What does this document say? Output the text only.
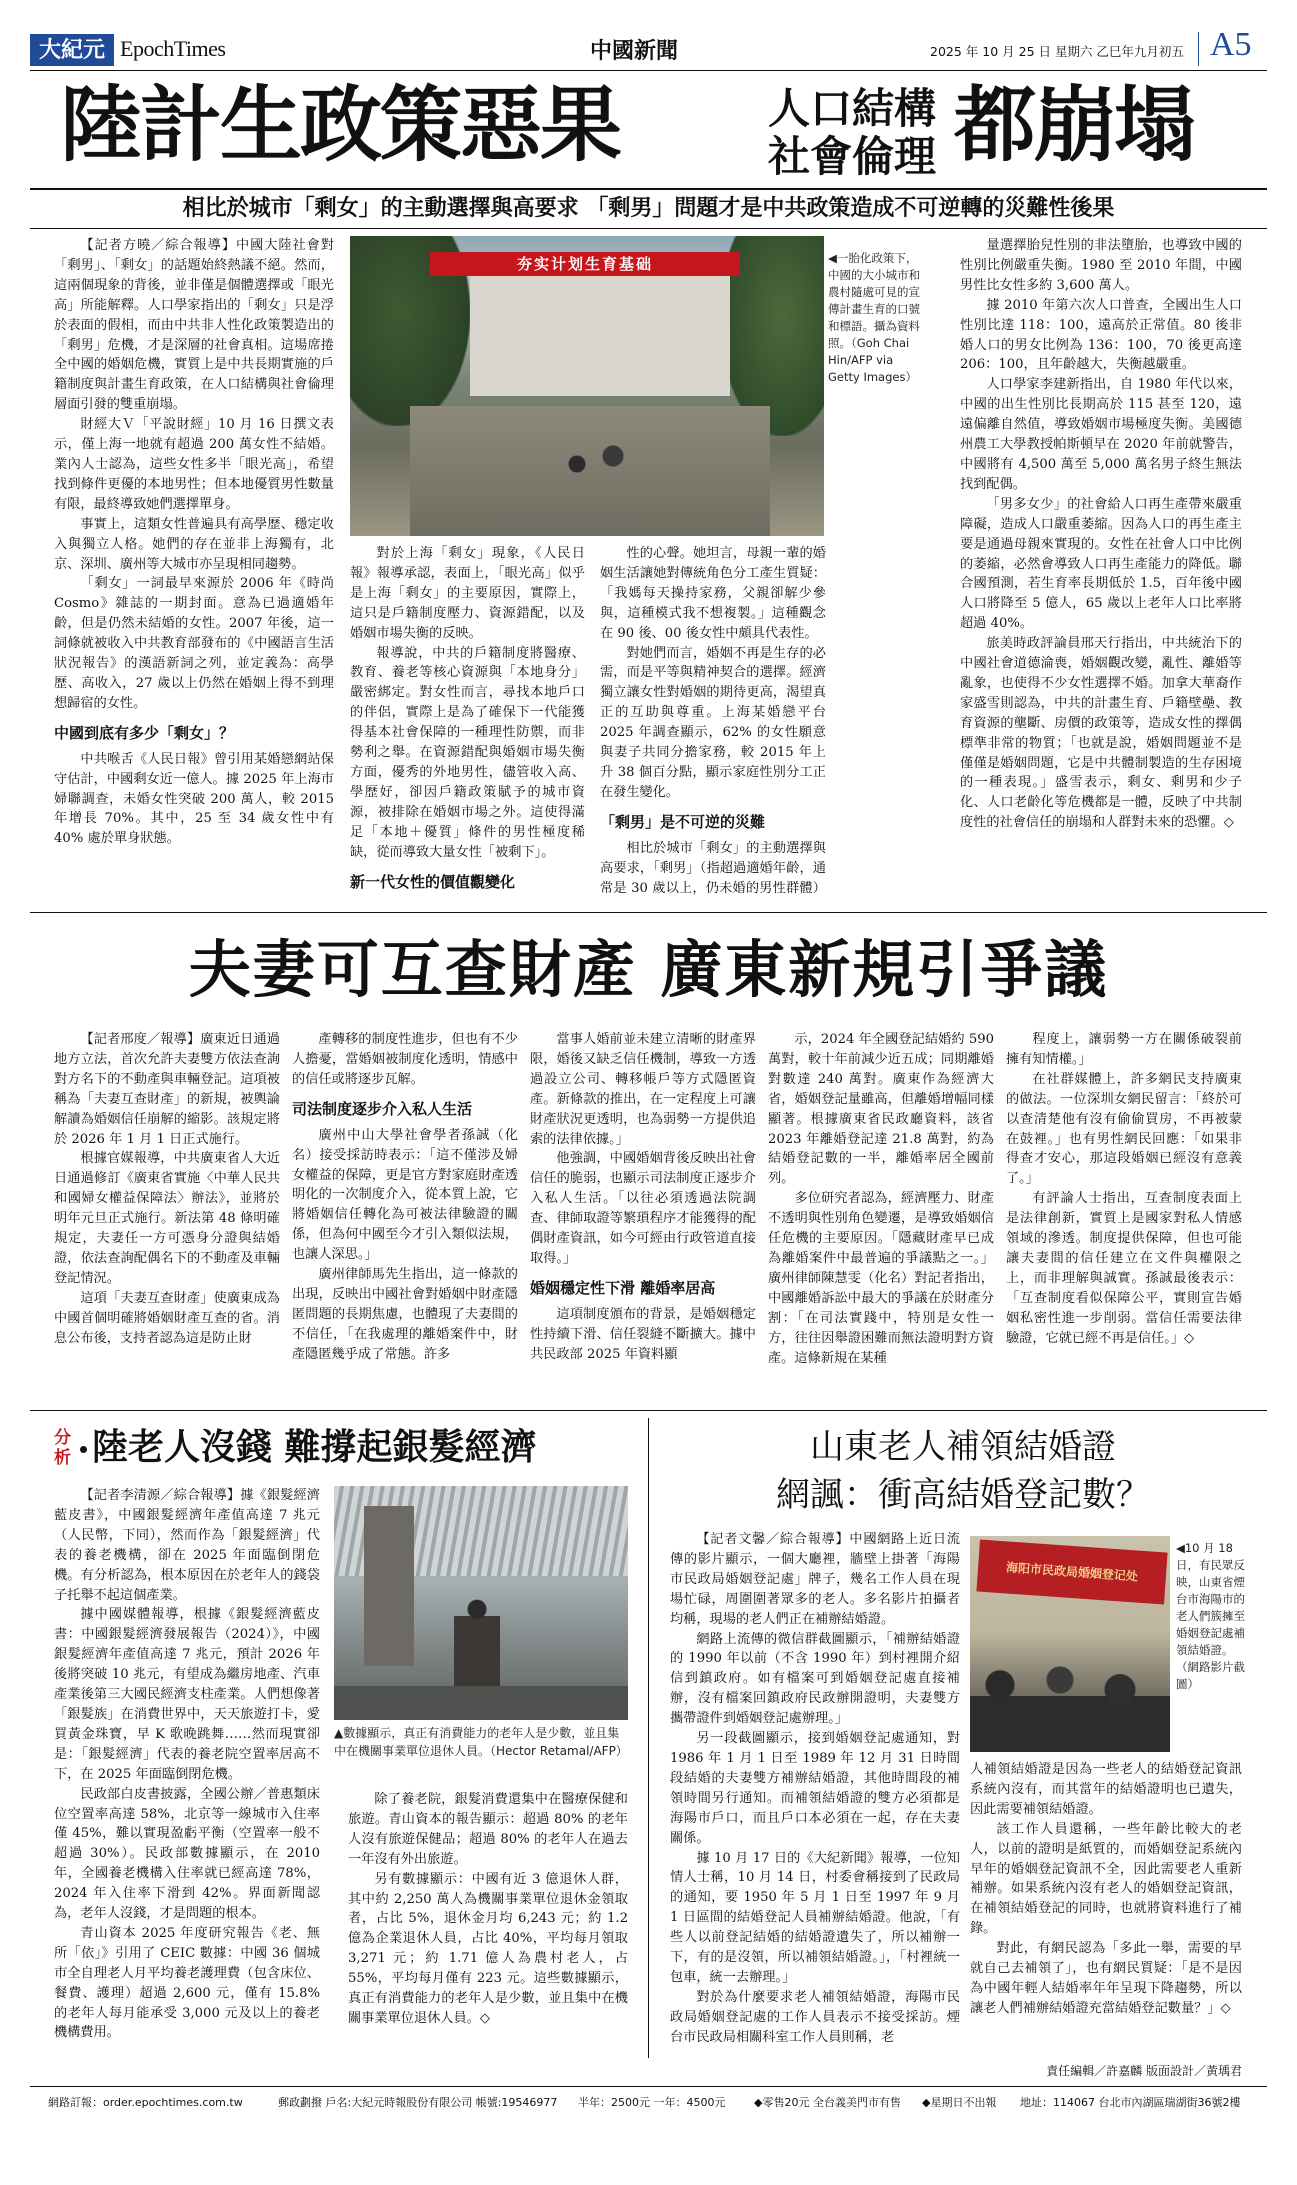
大紀元 EpochTimes	中國新聞	2025 年 10 月 25 日 星期六 乙巳年九月初五 A5
陸計生政策惡果	人口結構
社會倫理 都崩塌
相比於城市「剩女」的主動選擇與高要求 「剩男」問題才是中共政策造成不可逆轉的災難性後果

【記者方曉／綜合報導】中國大陸社會對「剩男」、「剩女」的話題始終熱議不絕。然而，這兩個現象的背後，並非僅是個體選擇或「眼光高」所能解釋。人口學家指出的「剩女」只是浮於表面的假相，而由中共非人性化政策製造出的「剩男」危機，才是深層的社會真相。這場席捲全中國的婚姻危機，實質上是中共長期實施的戶籍制度與計畫生育政策，在人口結構與社會倫理層面引發的雙重崩塌。

財經大Ｖ「平說財經」10 月 16 日撰文表示，僅上海一地就有超過 200 萬女性不結婚。業內人士認為，這些女性多半「眼光高」，希望找到條件更優的本地男性；但本地優質男性數量有限，最終導致她們選擇單身。

事實上，這類女性普遍具有高學歷、穩定收入與獨立人格。她們的存在並非上海獨有，北京、深圳、廣州等大城市亦呈現相同趨勢。

「剩女」一詞最早來源於 2006 年《時尚 Cosmo》雜誌的一期封面。意為已過適婚年齡，但是仍然未結婚的女性。2007 年後，這一詞條就被收入中共教育部發布的《中國語言生活狀況報告》的漢語新詞之列，並定義為：高學歷、高收入，27 歲以上仍然在婚姻上得不到理想歸宿的女性。

中國到底有多少「剩女」？

中共喉舌《人民日報》曾引用某婚戀網站保守估計，中國剩女近一億人。據 2025 年上海市婦聯調查，未婚女性突破 200 萬人，較 2015 年增長 70%。其中，25 至 34 歲女性中有 40% 處於單身狀態。

夯实计划生育基础	◀一胎化政策下，中國的大小城市和農村隨處可見的宣傳計畫生育的口號和標語。攝為資料照。（Goh Chai Hin/AFP via Getty Images）

對於上海「剩女」現象，《人民日報》報導承認，表面上，「眼光高」似乎是上海「剩女」的主要原因，實際上，這只是戶籍制度壓力、資源錯配，以及婚姻市場失衡的反映。

報導說，中共的戶籍制度將醫療、教育、養老等核心資源與「本地身分」嚴密綁定。對女性而言，尋找本地戶口的伴侶，實際上是為了確保下一代能獲得基本社會保障的一種理性防禦，而非勢利之舉。在資源錯配與婚姻市場失衡方面，優秀的外地男性，儘管收入高、學歷好，卻因戶籍政策賦予的城市資源，被排除在婚姻市場之外。這使得滿足「本地＋優質」條件的男性極度稀缺，從而導致大量女性「被剩下」。

新一代女性的價值觀變化

性的心聲。她坦言，母親一輩的婚姻生活讓她對傳統角色分工產生質疑：「我媽每天操持家務，父親卻解少參與，這種模式我不想複製。」這種觀念在 90 後、00 後女性中頗具代表性。

對她們而言，婚姻不再是生存的必需，而是平等與精神契合的選擇。經濟獨立讓女性對婚姻的期待更高，渴望真正的互助與尊重。上海某婚戀平台 2025 年調查顯示，62% 的女性願意與妻子共同分擔家務，較 2015 年上升 38 個百分點，顯示家庭性別分工正在發生變化。

「剩男」是不可逆的災難

相比於城市「剩女」的主動選擇與高要求，「剩男」（指超過適婚年齡，通常是 30 歲以上，仍未婚的男性群體）

量選擇胎兒性別的非法墮胎，也導致中國的性別比例嚴重失衡。1980 至 2010 年間，中國男性比女性多約 3,600 萬人。

據 2010 年第六次人口普查，全國出生人口性別比達 118：100，遠高於正常值。80 後非婚人口的男女比例為 136：100，70 後更高達 206：100，且年齡越大，失衡越嚴重。

人口學家李建新指出，自 1980 年代以來，中國的出生性別比長期高於 115 甚至 120，遠遠偏離自然值，導致婚姻市場極度失衡。美國德州農工大學教授帕斯頓早在 2020 年前就警告，中國將有 4,500 萬至 5,000 萬名男子終生無法找到配偶。

「男多女少」的社會給人口再生產帶來嚴重障礙，造成人口嚴重萎縮。因為人口的再生產主要是通過母親來實現的。女性在社會人口中比例的萎縮，必然會導致人口再生產能力的降低。聯合國預測，若生育率長期低於 1.5，百年後中國人口將降至 5 億人，65 歲以上老年人口比率將超過 40%。

旅美時政評論員邢天行指出，中共統治下的中國社會道德淪喪，婚姻觀改變，亂性、離婚等亂象，也使得不少女性選擇不婚。加拿大華裔作家盛雪則認為，中共的計畫生育、戶籍壁壘、教育資源的壟斷、房價的政策等，造成女性的擇偶標準非常的物質；「也就是說，婚姻問題並不是僅僅是婚姻問題，它是中共體制製造的生存困境的一種表現。」盛雪表示，剩女、剩男和少子化、人口老齡化等危機都是一體，反映了中共制度性的社會信任的崩塌和人群對未來的恐懼。◇

夫妻可互查財產 廣東新規引爭議

【記者邢度／報導】廣東近日通過地方立法，首次允許夫妻雙方依法查詢對方名下的不動產與車輛登記。這項被稱為「夫妻互查財產」的新規，被輿論解讀為婚姻信任崩解的縮影。該規定將於 2026 年 1 月 1 日正式施行。

根據官媒報導，中共廣東省人大近日通過修訂《廣東省實施〈中華人民共和國婦女權益保障法〉辦法》，並將於明年元旦正式施行。新法第 48 條明確規定，夫妻任一方可憑身分證與結婚證，依法查詢配偶名下的不動產及車輛登記情況。

這項「夫妻互查財產」使廣東成為中國首個明確將婚姻財產互查的省。消息公布後，支持者認為這是防止財

產轉移的制度性進步，但也有不少人擔憂，當婚姻被制度化透明，情感中的信任或將逐步瓦解。

司法制度逐步介入私人生活

廣州中山大學社會學者孫誠（化名）接受採訪時表示：「這不僅涉及婦女權益的保障，更是官方對家庭財產透明化的一次制度介入，從本質上說，它將婚姻信任轉化為可被法律驗證的關係，但為何中國至今才引入類似法規，也讓人深思。」

廣州律師馬先生指出，這一條款的出現，反映出中國社會對婚姻中財產隱匿問題的長期焦慮，也體現了夫妻間的不信任，「在我處理的離婚案件中，財產隱匿幾乎成了常態。許多

當事人婚前並未建立清晰的財產界限，婚後又缺乏信任機制，導致一方透過設立公司、轉移帳戶等方式隱匿資產。新條款的推出，在一定程度上可讓財產狀況更透明，也為弱勢一方提供追索的法律依據。」

他強調，中國婚姻背後反映出社會信任的脆弱，也顯示司法制度正逐步介入私人生活。「以往必須透過法院調查、律師取證等繁瑣程序才能獲得的配偶財產資訊，如今可經由行政管道直接取得。」

婚姻穩定性下滑 離婚率居高

這項制度頒布的背景，是婚姻穩定性持續下滑、信任裂縫不斷擴大。據中共民政部 2025 年資料顯

示，2024 年全國登記結婚約 590 萬對，較十年前減少近五成；同期離婚對數達 240 萬對。廣東作為經濟大省，婚姻登記量雖高，但離婚增幅同樣顯著。根據廣東省民政廳資料，該省 2023 年離婚登記達 21.8 萬對，約為結婚登記數的一半，離婚率居全國前列。

多位研究者認為，經濟壓力、財產不透明與性別角色變遷，是導致婚姻信任危機的主要原因。「隱藏財產早已成為離婚案件中最普遍的爭議點之一。」廣州律師陳慧雯（化名）對記者指出，中國離婚訴訟中最大的爭議在於財產分割：「在司法實踐中，特別是女性一方，往往因舉證困難而無法證明對方資產。這條新規在某種

程度上，讓弱勢一方在關係破裂前擁有知情權。」

在社群媒體上，許多網民支持廣東的做法。一位深圳女網民留言：「終於可以查清楚他有沒有偷偷買房，不再被蒙在鼓裡。」也有男性網民回應：「如果非得查才安心，那這段婚姻已經沒有意義了。」

有評論人士指出，互查制度表面上是法律創新，實質上是國家對私人情感領域的滲透。制度提供保障，但也可能讓夫妻間的信任建立在文件與權限之上，而非理解與誠實。孫誠最後表示：「互查制度看似保障公平，實則宣告婚姻私密性進一步削弱。當信任需要法律驗證，它就已經不再是信任。」◇

分
析 陸老人沒錢 難撐起銀髮經濟

【記者李清源／綜合報導】據《銀髮經濟藍皮書》，中國銀髮經濟年產值高達 7 兆元（人民幣，下同），然而作為「銀髮經濟」代表的養老機構，卻在 2025 年面臨倒閉危機。有分析認為，根本原因在於老年人的錢袋子托舉不起這個產業。

據中國媒體報導，根據《銀髮經濟藍皮書：中國銀髮經濟發展報告（2024）》，中國銀髮經濟年產值高達 7 兆元，預計 2026 年後將突破 10 兆元，有望成為繼房地產、汽車產業後第三大國民經濟支柱產業。人們想像著「銀髮族」在消費世界中，天天旅遊打卡，愛買黃金珠寶，早 K 歌晚跳舞……然而現實卻是：「銀髮經濟」代表的養老院空置率居高不下，在 2025 年面臨倒閉危機。

民政部白皮書披露，全國公辦／普惠類床位空置率高達 58%，北京等一線城市入住率僅 45%，難以實現盈虧平衡（空置率一般不超過 30%）。民政部數據顯示，在 2010 年，全國養老機構入住率就已經高達 78%，2024 年入住率下滑到 42%。界面新聞認為，老年人沒錢，才是問題的根本。

青山資本 2025 年度研究報告《老、無所「依」》引用了 CEIC 數據：中國 36 個城市全自理老人月平均養老護理費（包含床位、餐費、護理）超過 2,600 元，僅有 15.8% 的老年人每月能承受 3,000 元及以上的養老機構費用。

▲數據顯示，真正有消費能力的老年人是少數，並且集中在機關事業單位退休人員。（Hector Retamal/AFP）

除了養老院，銀髮消費還集中在醫療保健和旅遊。青山資本的報告顯示：超過 80% 的老年人沒有旅遊保健品；超過 80% 的老年人在過去一年沒有外出旅遊。

另有數據顯示：中國有近 3 億退休人群，其中約 2,250 萬人為機關事業單位退休金領取者，占比 5%，退休金月均 6,243 元；約 1.2 億為企業退休人員，占比 40%，平均每月領取 3,271 元；約 1.71 億人為農村老人，占 55%，平均每月僅有 223 元。這些數據顯示，真正有消費能力的老年人是少數，並且集中在機關事業單位退休人員。◇

山東老人補領結婚證
網諷：衝高結婚登記數？

【記者文馨／綜合報導】中國網路上近日流傳的影片顯示，一個大廳裡，牆壁上掛著「海陽市民政局婚姻登記處」牌子，幾名工作人員在現場忙碌，周圍圍著眾多的老人。多名影片拍攝者均稱，現場的老人們正在補辦結婚證。

網路上流傳的微信群截圖顯示，「補辦結婚證的 1990 年以前（不含 1990 年）到村裡開介紹信到鎮政府。如有檔案可到婚姻登記處直接補辦，沒有檔案回鎮政府民政辦開證明，夫妻雙方攜帶證件到婚姻登記處辦理。」

另一段截圖顯示，接到婚姻登記處通知，對 1986 年 1 月 1 日至 1989 年 12 月 31 日時間段結婚的夫妻雙方補辦結婚證，其他時間段的補領時間另行通知。而補領結婚證的雙方必須都是海陽市戶口，而且戶口本必須在一起，存在夫妻關係。

據 10 月 17 日的《大紀新聞》報導，一位知情人士稱，10 月 14 日，村委會稱接到了民政局的通知，要 1950 年 5 月 1 日至 1997 年 9 月 1 日區間的結婚登記人員補辦結婚證。他說，「有些人以前登記結婚的結婚證遺失了，所以補辦一下，有的是沒領，所以補領結婚證。」，「村裡統一包車，統一去辦理。」

對於為什麼要求老人補領結婚證，海陽市民政局婚姻登記處的工作人員表示不接受採訪。煙台市民政局相關科室工作人員則稱，老

海阳市民政局婚姻登记处
◀10 月 18 日，有民眾反映，山東省煙台市海陽市的老人們簇擁至婚姻登記處補領結婚證。（網路影片截圖）

人補領結婚證是因為一些老人的結婚登記資訊系統內沒有，而其當年的結婚證明也已遺失，因此需要補領結婚證。

該工作人員還稱，一些年齡比較大的老人，以前的證明是紙質的，而婚姻登記系統內早年的婚姻登記資訊不全，因此需要老人重新補辦。如果系統內沒有老人的婚姻登記資訊，在補領結婚登記的同時，也就將資料進行了補錄。

對此，有網民認為「多此一舉，需要的早就自己去補領了」，也有網民質疑：「是不是因為中國年輕人結婚率年年呈現下降趨勢，所以讓老人們補辦結婚證充當結婚登記數量？」◇

責任編輯／許嘉麟 版面設計／黃瑀君
網路訂報：order.epochtimes.com.tw	郵政劃撥 戶名:大紀元時報股份有限公司 帳號:19546977 半年：2500元 一年：4500元	◆零售20元 全台義美門市有售 ◆星期日不出報 地址：114067 台北市內湖區瑞湖街36號2樓
